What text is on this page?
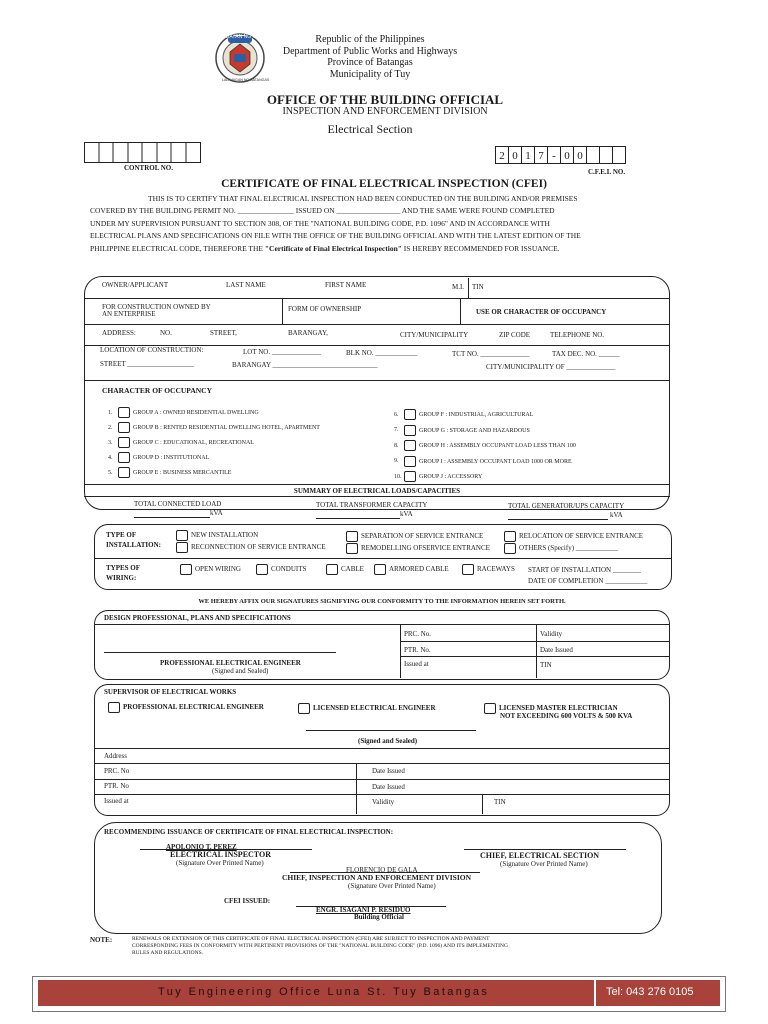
BAYAN NG TUY
LALAWIGAN NG BATANGAS
Republic of the Philippines
Department of Public Works and Highways
Province of Batangas
Municipality of Tuy
OFFICE OF THE BUILDING OFFICIAL
INSPECTION AND ENFORCEMENT DIVISION
Electrical Section
CONTROL NO.
2 0 1 7 - 0 0
C.F.E.I. NO.
CERTIFICATE OF FINAL ELECTRICAL INSPECTION (CFEI)
THIS IS TO CERTIFY THAT FINAL ELECTRICAL INSPECTION HAD BEEN CONDUCTED ON THE BUILDING AND/OR PREMISES
COVERED BY THE BUILDING PERMIT NO. _______________ ISSUED ON _________________ AND THE SAME WERE FOUND COMPLETED
UNDER MY SUPERVISION PURSUANT TO SECTION 308, OF THE "NATIONAL BUILDING CODE, P.D. 1096" AND IN ACCORDANCE WITH
ELECTRICAL PLANS AND SPECIFICATIONS ON FILE WITH THE OFFICE OF THE BUILDING OFFICIAL AND WITH THE LATEST EDITION OF THE
PHILIPPINE ELECTRICAL CODE, THEREFORE THE "Certificate of Final Electrical Inspection" IS HEREBY RECOMMENDED FOR ISSUANCE.
OWNER/APPLICANT	LAST NAME	FIRST NAME	M.I. TIN
FOR CONSTRUCTION OWNED BY AN ENTERPRISE
FORM OF OWNERSHIP	USE OR CHARACTER OF OCCUPANCY
ADDRESS:	NO.	STREET,	BARANGAY,	CITY/MUNICIPALITY	ZIP CODE	TELEPHONE NO.
LOCATION OF CONSTRUCTION:	LOT NO. ______________	BLK NO. ____________	TCT NO. ______________	TAX DEC. NO. ______
STREET ___________________	BARANGAY ______________________________	CITY/MUNICIPALITY OF ______________
CHARACTER OF OCCUPANCY
1.	GROUP A : OWNED RESIDENTIAL DWELLING
2.	GROUP B : RENTED RESIDENTIAL DWELLING HOTEL, APARTMENT
3.	GROUP C : EDUCATIONAL, RECREATIONAL
4.	GROUP D : INSTITUTIONAL
5.	GROUP E : BUSINESS MERCANTILE
6.	GROUP F : INDUSTRIAL, AGRICULTURAL
7.	GROUP G : STORAGE AND HAZARDOUS
8.	GROUP H : ASSEMBLY OCCUPANT LOAD LESS THAN 100
9.	GROUP I : ASSEMBLY OCCUPANT LOAD 1000 OR MORE
10.	GROUP J : ACCESSORY
SUMMARY OF ELECTRICAL LOADS/CAPACITIES
TOTAL CONNECTED LOAD	TOTAL TRANSFORMER CAPACITY	TOTAL GENERATOR/UPS CAPACITY
kVA	kVA	kVA
TYPE OF INSTALLATION:
NEW INSTALLATION	SEPARATION OF SERVICE ENTRANCE	RELOCATION OF SERVICE ENTRANCE
RECONNECTION OF SERVICE ENTRANCE	REMODELLING OFSERVICE ENTRANCE	OTHERS (Specify) ____________
TYPES OF WIRING:
OPEN WIRING	CONDUITS	CABLE	ARMORED CABLE	RACEWAYS START OF INSTALLATION ________
DATE OF COMPLETION ____________
WE HEREBY AFFIX OUR SIGNATURES SIGNIFYING OUR CONFORMITY TO THE INFORMATION HEREIN SET FORTH.
DESIGN PROFESSIONAL, PLANS AND SPECIFICATIONS
PROFESSIONAL ELECTRICAL ENGINEER
(Signed and Sealed)
PRC. No.	Validity
PTR. No.	Date Issued
Issued at	TIN
SUPERVISOR OF ELECTRICAL WORKS
PROFESSIONAL ELECTRICAL ENGINEER	LICENSED ELECTRICAL ENGINEER	LICENSED MASTER ELECTRICIAN
NOT EXCEEDING 600 VOLTS & 500 KVA
(Signed and Sealed)
Address
PRC. No	Date Issued
PTR. No	Date Issued
Issued at	Validity	TIN
RECOMMENDING ISSUANCE OF CERTIFICATE OF FINAL ELECTRICAL INSPECTION:
APOLONIO T. PEREZ
ELECTRICAL INSPECTOR
(Signature Over Printed Name)
CHIEF, ELECTRICAL SECTION
(Signature Over Printed Name)
FLORENCIO DE GALA
CHIEF, INSPECTION AND ENFORCEMENT DIVISION
(Signature Over Printed Name)
CFEI ISSUED:
ENGR. ISAGANI P. RESIDUO
Building Official
NOTE:	RENEWALS OR EXTENSION OF THIS CERTIFICATE OF FINAL ELECTRICAL INSPECTION (CFEI) ARE SUBJECT TO INSPECTION AND PAYMENT
CORRESPONDING FEES IN CONFORMITY WITH PERTINENT PROVISIONS OF THE "NATIONAL BUILDING CODE" (P.D. 1096) AND ITS IMPLEMENTING
RULES AND REGULATIONS.
Tuy Engineering Office Luna St. Tuy Batangas	Tel: 043 276 0105
